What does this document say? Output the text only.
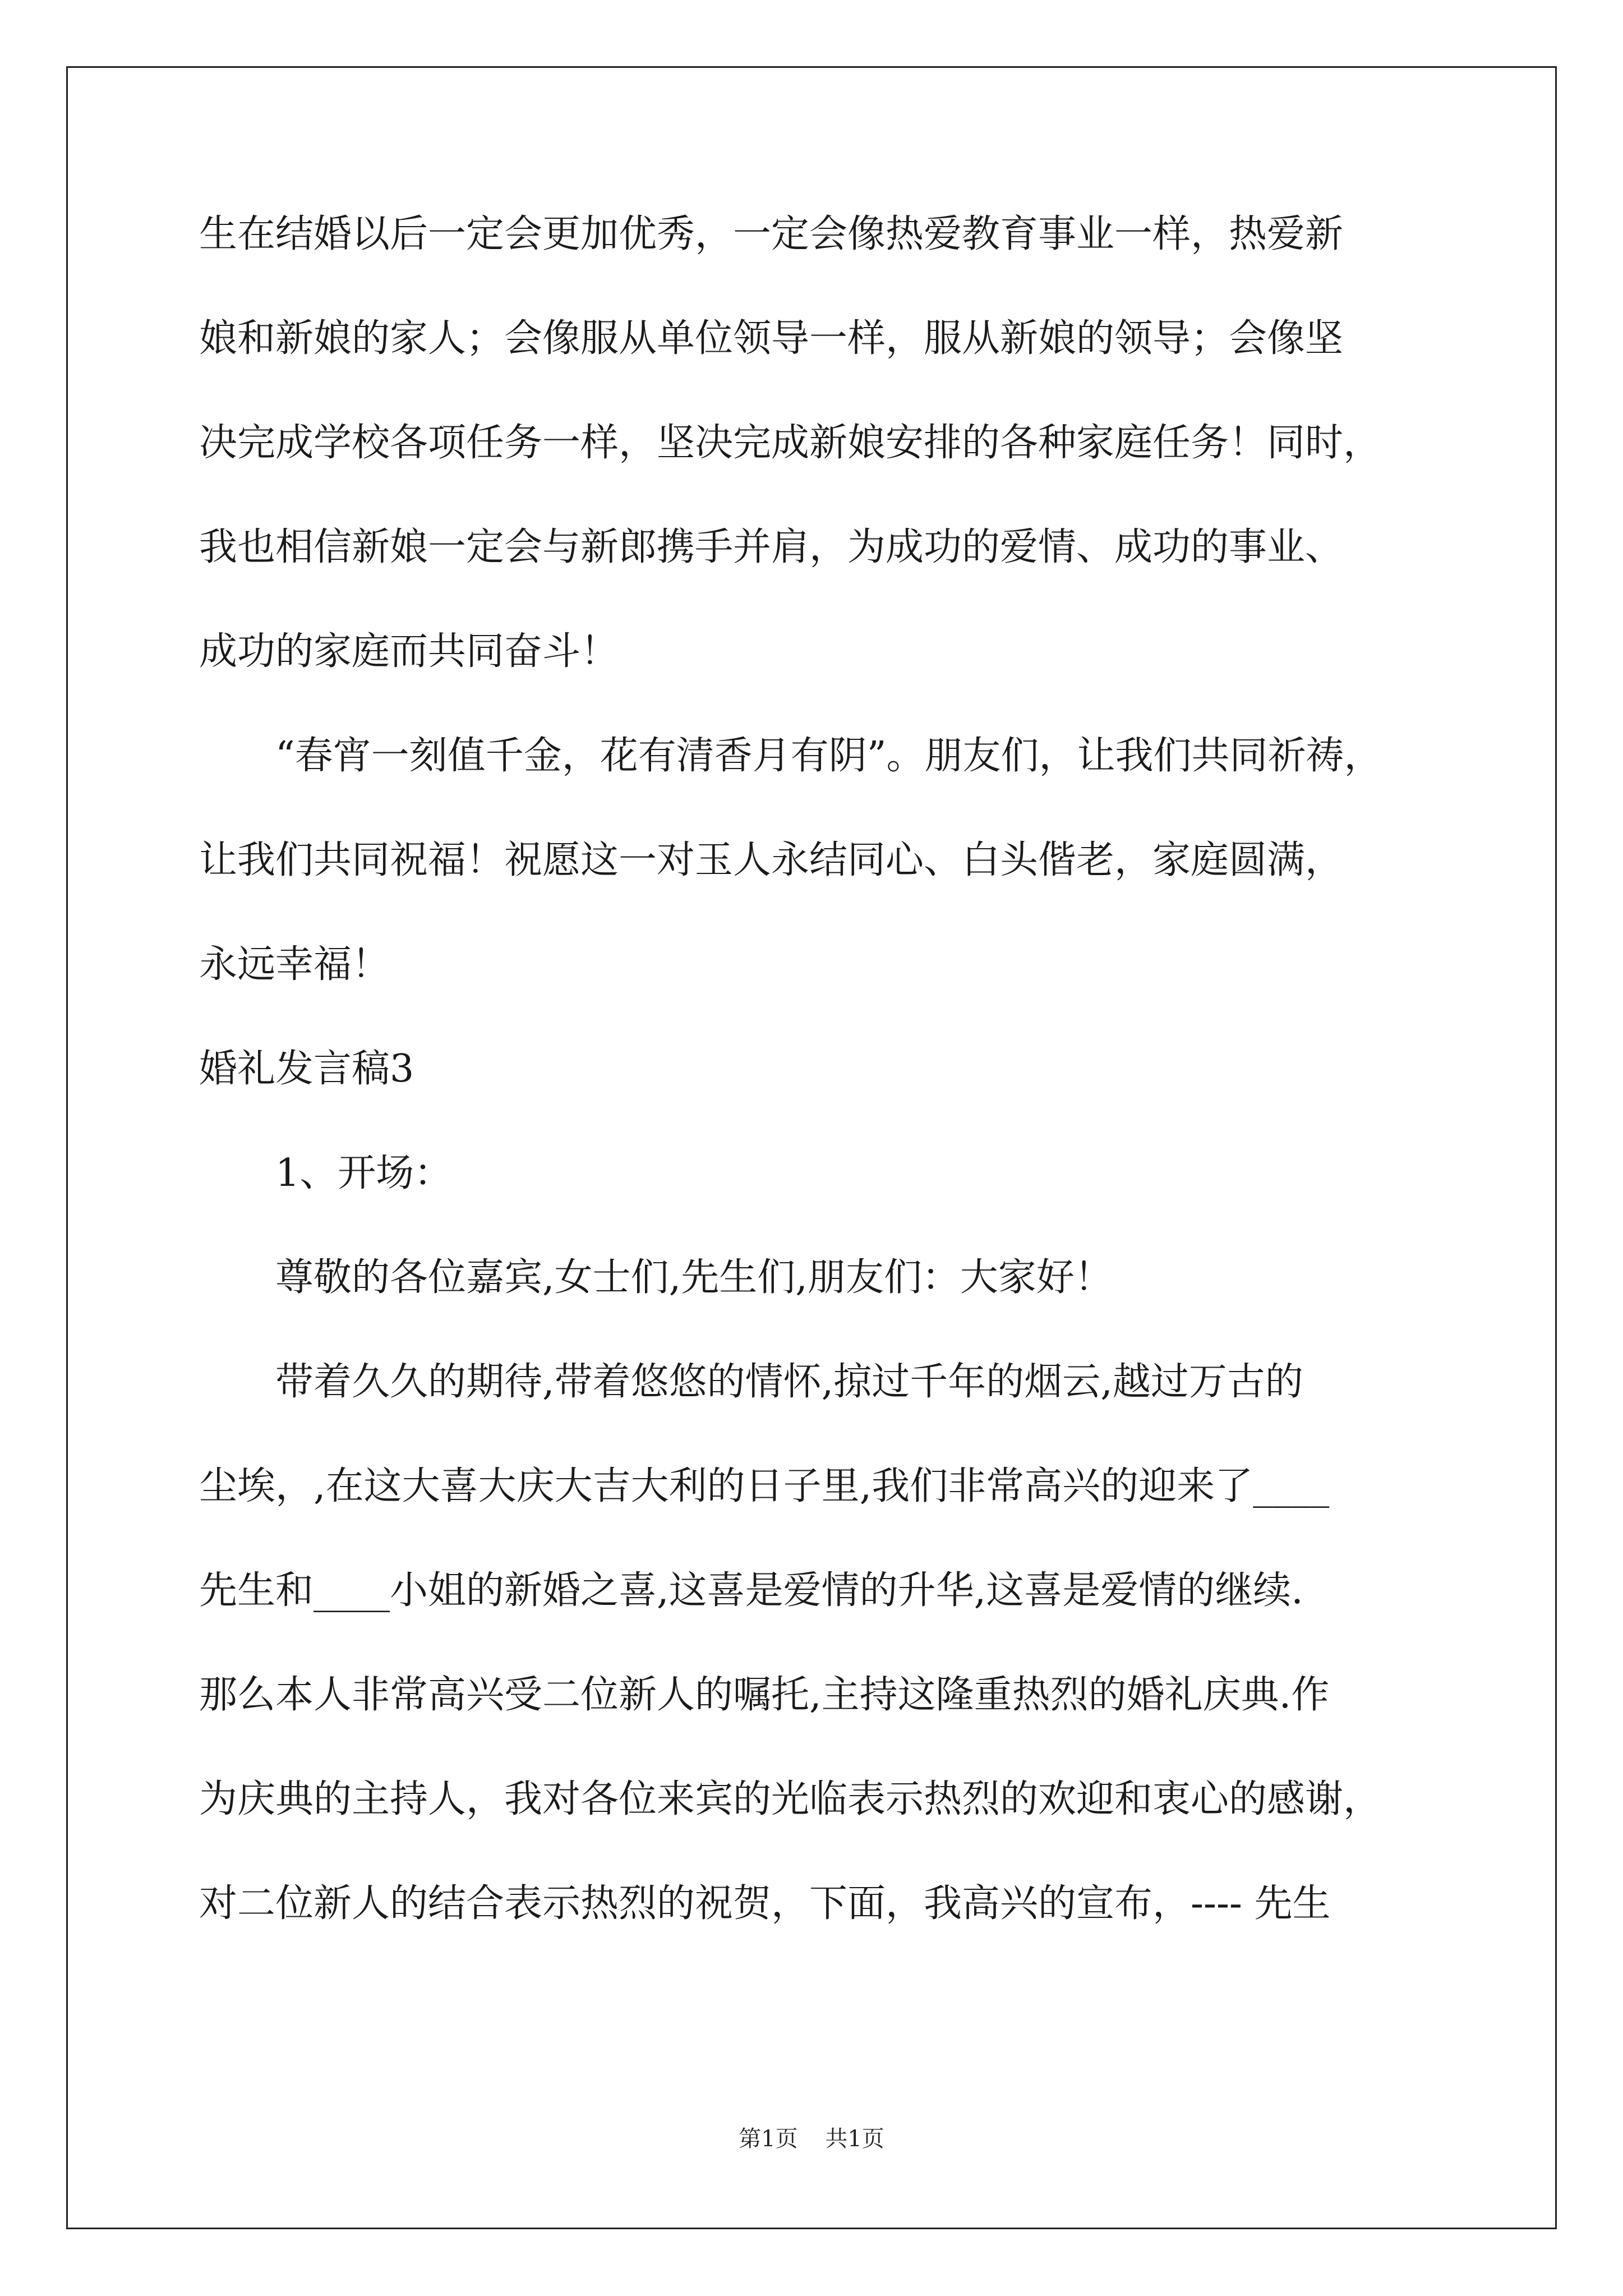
生在结婚以后一定会更加优秀，一定会像热爱教育事业一样，热爱新
娘和新娘的家人；会像服从单位领导一样，服从新娘的领导；会像坚
决完成学校各项任务一样，坚决完成新娘安排的各种家庭任务！同时，
我也相信新娘一定会与新郎携手并肩，为成功的爱情、成功的事业、
成功的家庭而共同奋斗！
“春宵一刻值千金，花有清香月有阴”。朋友们，让我们共同祈祷，
让我们共同祝福！祝愿这一对玉人永结同心、白头偕老，家庭圆满，
永远幸福！
婚礼发言稿3
1、开场：
尊敬的各位嘉宾,女士们,先生们,朋友们：大家好！
带着久久的期待,带着悠悠的情怀,掠过千年的烟云,越过万古的
尘埃，,在这大喜大庆大吉大利的日子里,我们非常高兴的迎来了____
先生和____小姐的新婚之喜,这喜是爱情的升华,这喜是爱情的继续.
那么本人非常高兴受二位新人的嘱托,主持这隆重热烈的婚礼庆典.作
为庆典的主持人，我对各位来宾的光临表示热烈的欢迎和衷心的感谢，
对二位新人的结合表示热烈的祝贺，下面，我高兴的宣布，---- 先生
第1页 共1页
